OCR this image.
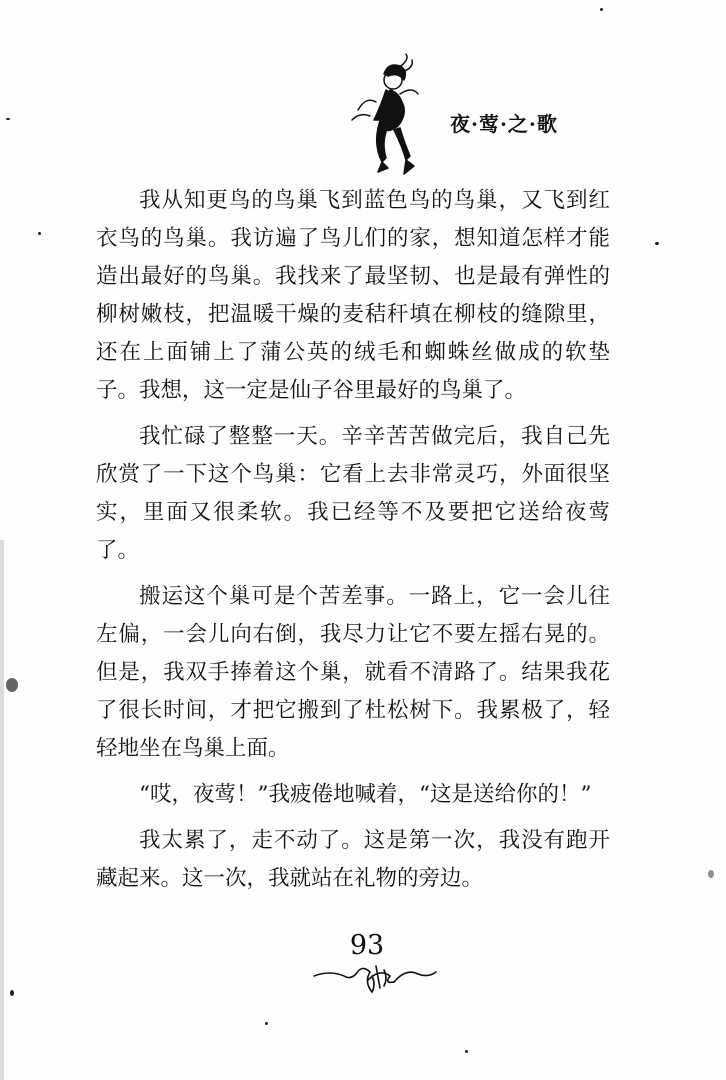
夜·莺·之·歌

我从知更鸟的鸟巢飞到蓝色鸟的鸟巢，又飞到红衣鸟的鸟巢。我访遍了鸟儿们的家，想知道怎样才能造出最好的鸟巢。我找来了最坚韧、也是最有弹性的柳树嫩枝，把温暖干燥的麦秸秆填在柳枝的缝隙里，还在上面铺上了蒲公英的绒毛和蜘蛛丝做成的软垫子。我想，这一定是仙子谷里最好的鸟巢了。

我忙碌了整整一天。辛辛苦苦做完后，我自己先欣赏了一下这个鸟巢：它看上去非常灵巧，外面很坚实，里面又很柔软。我已经等不及要把它送给夜莺了。

搬运这个巢可是个苦差事。一路上，它一会儿往左偏，一会儿向右倒，我尽力让它不要左摇右晃的。但是，我双手捧着这个巢，就看不清路了。结果我花了很长时间，才把它搬到了杜松树下。我累极了，轻轻地坐在鸟巢上面。

“哎，夜莺！”我疲倦地喊着，“这是送给你的！”

我太累了，走不动了。这是第一次，我没有跑开藏起来。这一次，我就站在礼物的旁边。

93
